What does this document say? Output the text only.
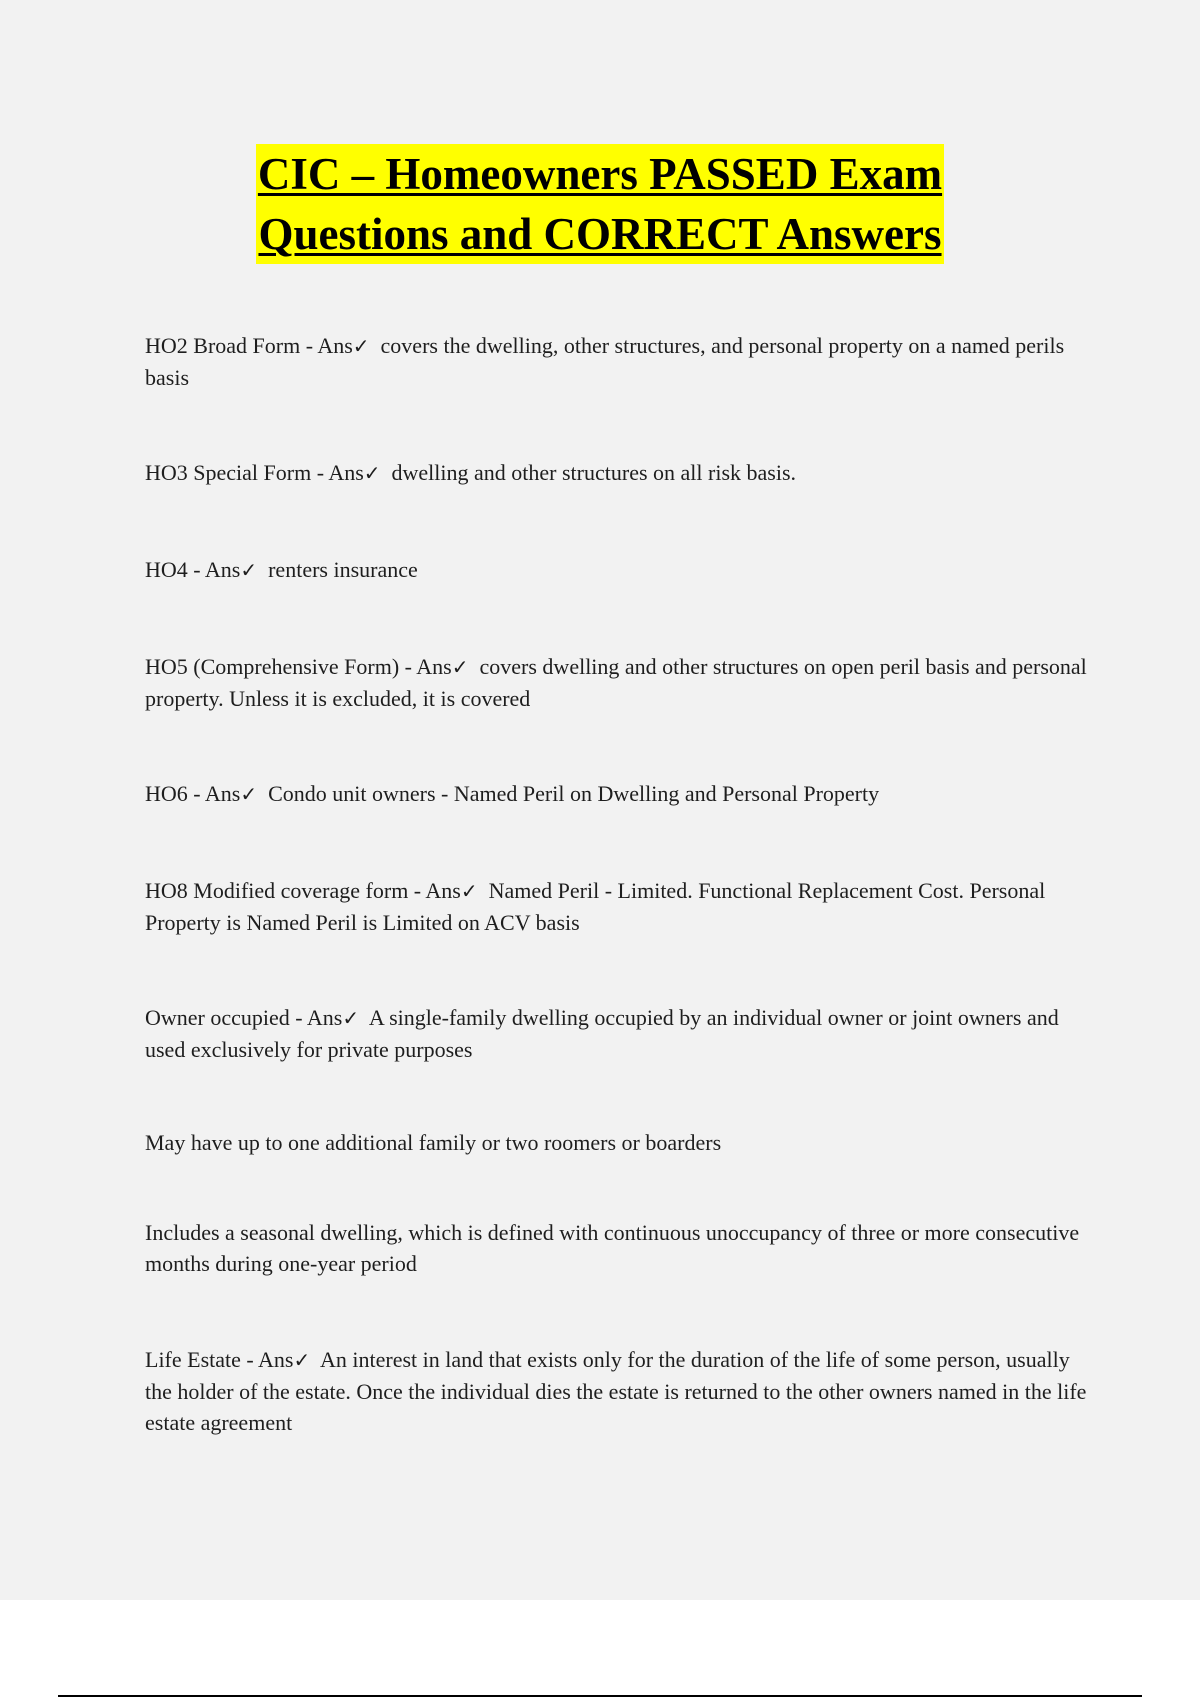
CIC – Homeowners PASSED Exam
Questions and CORRECT Answers
HO2 Broad Form - Ans✓ covers the dwelling, other structures, and personal property on a named perils basis
HO3 Special Form - Ans✓ dwelling and other structures on all risk basis.
HO4 - Ans✓ renters insurance
HO5 (Comprehensive Form) - Ans✓ covers dwelling and other structures on open peril basis and personal property. Unless it is excluded, it is covered
HO6 - Ans✓ Condo unit owners - Named Peril on Dwelling and Personal Property
HO8 Modified coverage form - Ans✓ Named Peril - Limited. Functional Replacement Cost. Personal Property is Named Peril is Limited on ACV basis
Owner occupied - Ans✓ A single-family dwelling occupied by an individual owner or joint owners and used exclusively for private purposes
May have up to one additional family or two roomers or boarders
Includes a seasonal dwelling, which is defined with continuous unoccupancy of three or more consecutive months during one-year period
Life Estate - Ans✓ An interest in land that exists only for the duration of the life of some person, usually the holder of the estate. Once the individual dies the estate is returned to the other owners named in the life estate agreement
